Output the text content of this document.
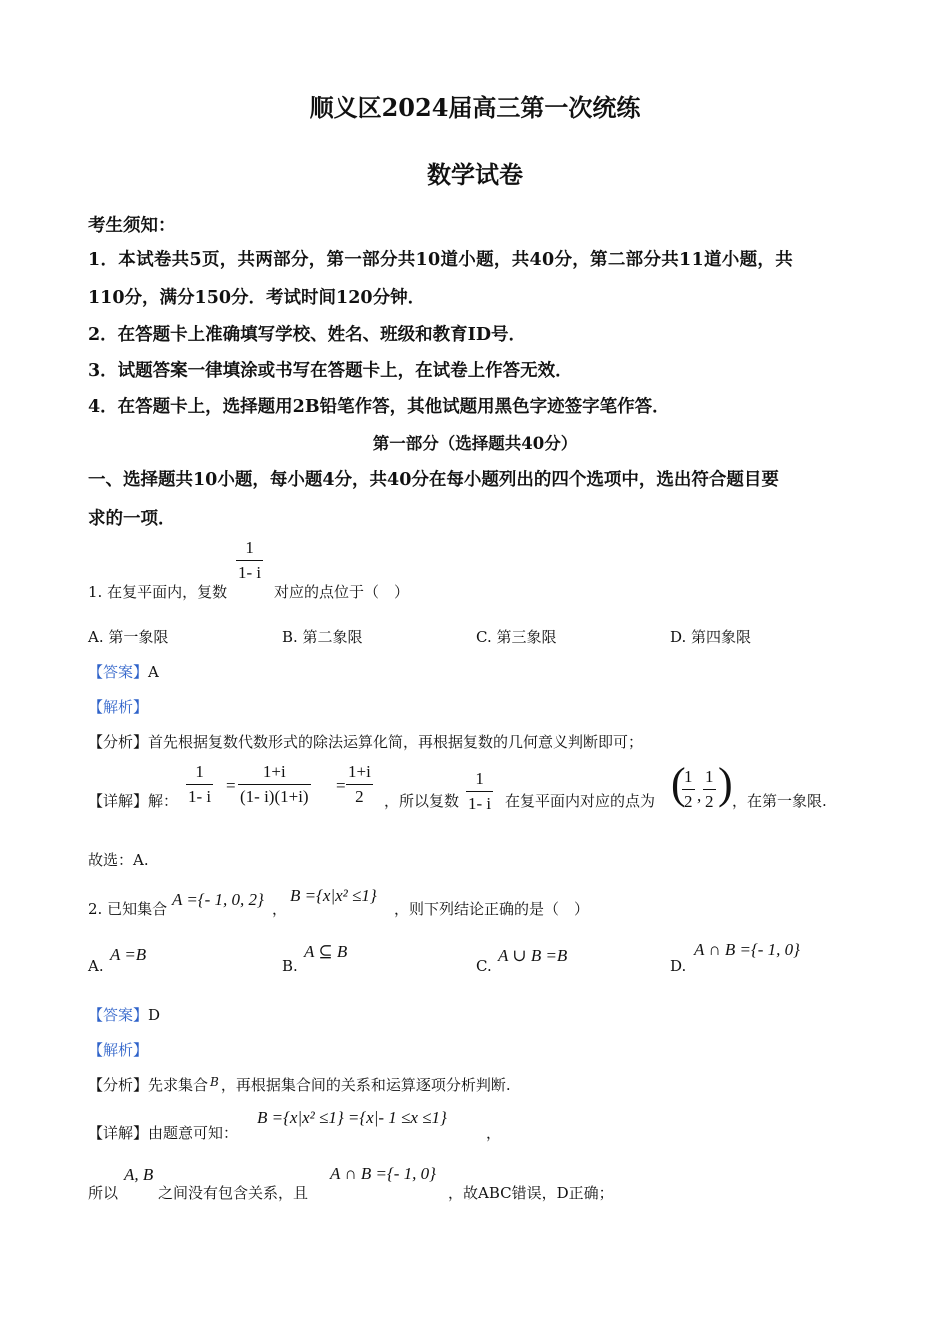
顺义区2024届高三第一次统练
数学试卷
考生须知：
1．本试卷共5页，共两部分，第一部分共10道小题，共40分，第二部分共11道小题，共
110分，满分150分．考试时间120分钟．
2．在答题卡上准确填写学校、姓名、班级和教育ID号．
3．试题答案一律填涂或书写在答题卡上，在试卷上作答无效．
4．在答题卡上，选择题用2B铅笔作答，其他试题用黑色字迹签字笔作答．
第一部分（选择题共40分）
一、选择题共10小题，每小题4分，共40分在每小题列出的四个选项中，选出符合题目要
求的一项．
1. 在复平面内，复数
1
1- i
对应的点位于（　）
A. 第一象限	B. 第二象限	C. 第三象限	D. 第四象限
【答案】A
【解析】
【分析】首先根据复数代数形式的除法运算化简，再根据复数的几何意义判断即可；
【详解】解：
1
1- i
=
1+i
(1- i)(1+i)
=
1+i
2	，所以复数
1
1- i 在复平面内对应的点为 (
1
2 ,
1
2 ) ，在第一象限.
故选：A.
2. 已知集合 A ={- 1, 0, 2} ，
B ={x|x² ≤1}
，则下列结论正确的是（　）
A.
A =B
B.
A ⊆ B
C.
A ∪ B =B
D.
A ∩ B ={- 1, 0}
【答案】D
【解析】
【分析】先求集合 $^B$ ，再根据集合间的关系和运算逐项分析判断.
【详解】由题意可知：
B ={x|x² ≤1} ={x|- 1 ≤x ≤1}
，
所以
A, B
之间没有包含关系，且
A ∩ B ={- 1, 0}
，故ABC错误，D正确；
